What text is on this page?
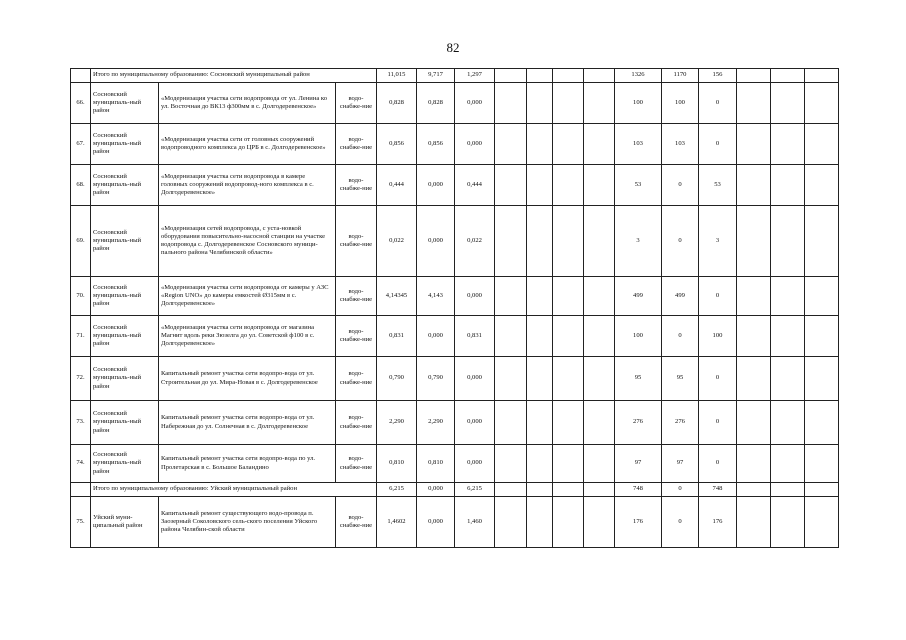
82
	Итого по муниципальному образованию: Сосновский муниципальный район			11,015	9,717	1,297					1326	1170	156			
66.	Сосновский муниципаль-ный район	«Модернизация участка сети водопровода от ул. Ленина ко ул. Восточная до ВК13 ф300мм в с. Долгодеревенское»	водо-снабже-ние	0,828	0,828	0,000					100	100	0			
67.	Сосновский муниципаль-ный район	«Модернизация участка сети от головных сооружений водопроводного комплекса до ЦРБ в с. Долгодеревенское»	водо-снабже-ние	0,856	0,856	0,000					103	103	0			
68.	Сосновский муниципаль-ный район	«Модернизация участка сети водопровода в камере головных сооружений водопровод-ного комплекса в с. Долгодеревенское»	водо-снабже-ние	0,444	0,000	0,444					53	0	53			
69.	Сосновский муниципаль-ный район	«Модернизация сетей водопровода, с уста-новкой оборудования повысительно-насосной станции на участке водопровода с. Долгодеревенское Сосновского муници-пального района Челябинской области»	водо-снабже-ние	0,022	0,000	0,022					3	0	3			
70.	Сосновский муниципаль-ный район	«Модернизация участка сети водопровода от камеры у АЗС «Region UNO» до камеры емкостей Ø315мм в с. Долгодеревенское»	водо-снабже-ние	4,14345	4,143	0,000					499	499	0			
71.	Сосновский муниципаль-ный район	«Модернизация участка сети водопровода от магазина Магнит вдоль реки Зюзелга до ул. Советской ф100 в с. Долгодеревенское»	водо-снабже-ние	0,831	0,000	0,831					100	0	100			
72.	Сосновский муниципаль-ный район	Капитальный ремонт участка сети водопро-вода от ул. Строительная до ул. Мира-Новая в с. Долгодеревенское	водо-снабже-ние	0,790	0,790	0,000					95	95	0			
73.	Сосновский муниципаль-ный район	Капитальный ремонт участка сети водопро-вода от ул. Набережная до ул. Солнечная в с. Долгодеревенское	водо-снабже-ние	2,290	2,290	0,000					276	276	0			
74.	Сосновский муниципаль-ный район	Капитальный ремонт участка сети водопро-вода по ул. Пролетарская в с. Большое Баландино	водо-снабже-ние	0,810	0,810	0,000					97	97	0			
	Итого по муниципальному образованию: Уйский муниципальный район			6,215	0,000	6,215					748	0	748			
75.	Уйский муни-ципальный район	Капитальный ремонт существующего водо-провода п. Заозерный Соколовского сель-ского поселения Уйского района Челябин-ской области	водо-снабже-ние	1,4602	0,000	1,460					176	0	176			
